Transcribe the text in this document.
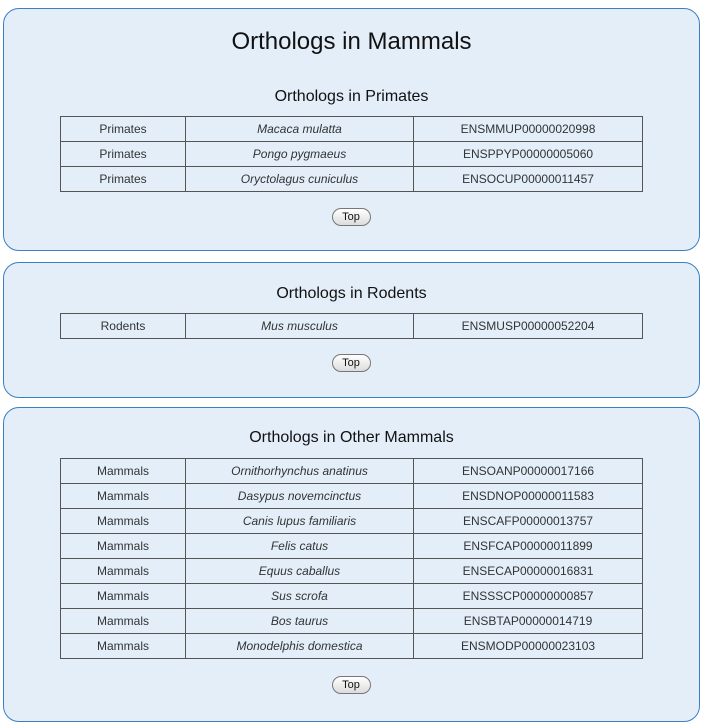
Orthologs in Mammals
Orthologs in Primates
Primates	Macaca mulatta	ENSMMUP00000020998
Primates	Pongo pygmaeus	ENSPPYP00000005060
Primates	Oryctolagus cuniculus	ENSOCUP00000011457
Top
Orthologs in Rodents
Rodents	Mus musculus	ENSMUSP00000052204
Top
Orthologs in Other Mammals
Mammals	Ornithorhynchus anatinus	ENSOANP00000017166
Mammals	Dasypus novemcinctus	ENSDNOP00000011583
Mammals	Canis lupus familiaris	ENSCAFP00000013757
Mammals	Felis catus	ENSFCAP00000011899
Mammals	Equus caballus	ENSECAP00000016831
Mammals	Sus scrofa	ENSSSCP00000000857
Mammals	Bos taurus	ENSBTAP00000014719
Mammals	Monodelphis domestica	ENSMODP00000023103
Top
